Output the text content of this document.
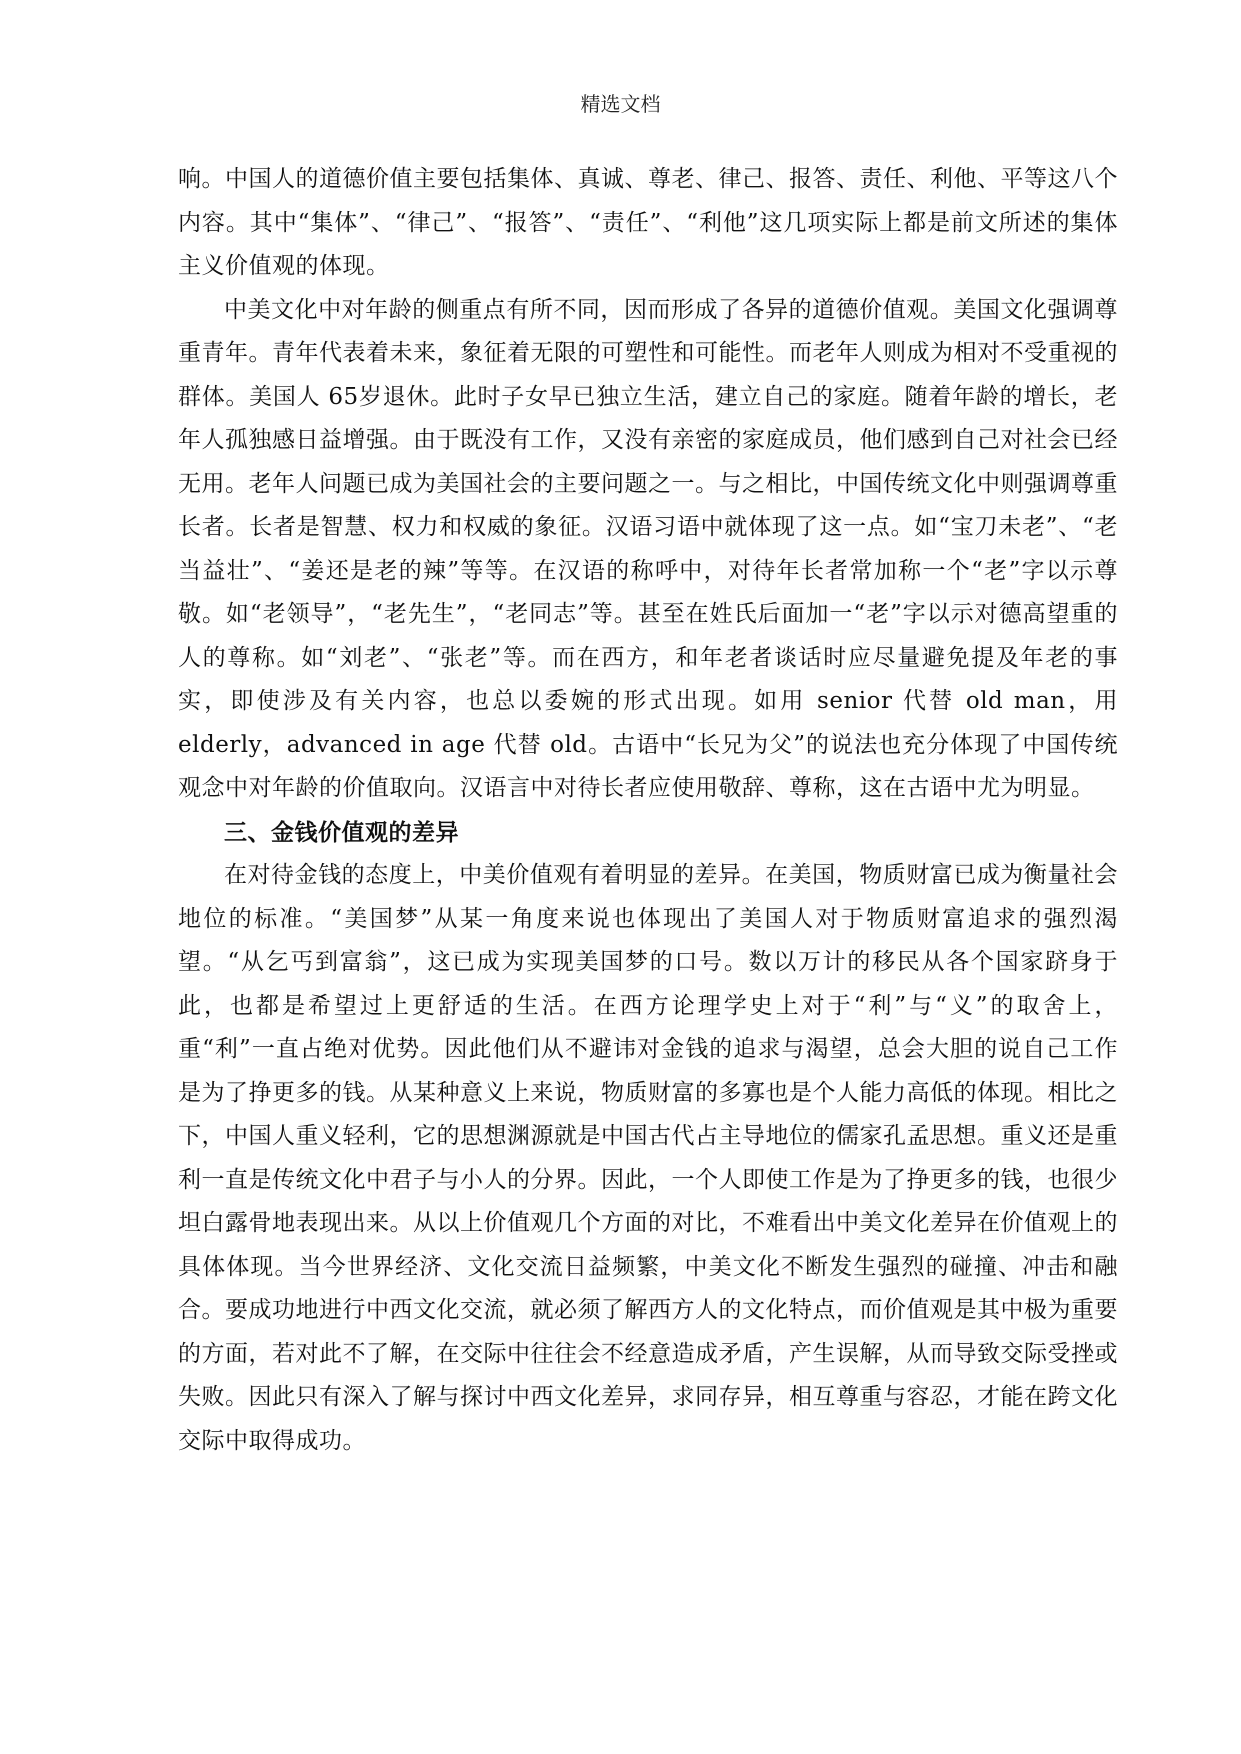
精选文档

响。中国人的道德价值主要包括集体、真诚、尊老、律己、报答、责任、利他、平等这八个内容。其中“集体”、“律己”、“报答”、“责任”、“利他”这几项实际上都是前文所述的集体主义价值观的体现。

中美文化中对年龄的侧重点有所不同，因而形成了各异的道德价值观。美国文化强调尊重青年。青年代表着未来，象征着无限的可塑性和可能性。而老年人则成为相对不受重视的群体。美国人 65岁退休。此时子女早已独立生活，建立自己的家庭。随着年龄的增长，老年人孤独感日益增强。由于既没有工作，又没有亲密的家庭成员，他们感到自己对社会已经无用。老年人问题已成为美国社会的主要问题之一。与之相比，中国传统文化中则强调尊重长者。长者是智慧、权力和权威的象征。汉语习语中就体现了这一点。如“宝刀未老”、“老当益壮”、“姜还是老的辣”等等。在汉语的称呼中，对待年长者常加称一个“老”字以示尊敬。如“老领导”，“老先生”，“老同志”等。甚至在姓氏后面加一“老”字以示对德高望重的人的尊称。如“刘老”、“张老”等。而在西方，和年老者谈话时应尽量避免提及年老的事实，即使涉及有关内容，也总以委婉的形式出现。如用 senior 代替 old man，用 elderly，advanced in age 代替 old。古语中“长兄为父”的说法也充分体现了中国传统观念中对年龄的价值取向。汉语言中对待长者应使用敬辞、尊称，这在古语中尤为明显。

三、金钱价值观的差异

在对待金钱的态度上，中美价值观有着明显的差异。在美国，物质财富已成为衡量社会地位的标准。“美国梦”从某一角度来说也体现出了美国人对于物质财富追求的强烈渴望。“从乞丐到富翁”，这已成为实现美国梦的口号。数以万计的移民从各个国家跻身于此，也都是希望过上更舒适的生活。在西方论理学史上对于“利”与“义”的取舍上，重“利”一直占绝对优势。因此他们从不避讳对金钱的追求与渴望，总会大胆的说自己工作是为了挣更多的钱。从某种意义上来说，物质财富的多寡也是个人能力高低的体现。相比之下，中国人重义轻利，它的思想渊源就是中国古代占主导地位的儒家孔孟思想。重义还是重利一直是传统文化中君子与小人的分界。因此，一个人即使工作是为了挣更多的钱，也很少坦白露骨地表现出来。从以上价值观几个方面的对比，不难看出中美文化差异在价值观上的具体体现。当今世界经济、文化交流日益频繁，中美文化不断发生强烈的碰撞、冲击和融合。要成功地进行中西文化交流，就必须了解西方人的文化特点，而价值观是其中极为重要的方面，若对此不了解，在交际中往往会不经意造成矛盾，产生误解，从而导致交际受挫或失败。因此只有深入了解与探讨中西文化差异，求同存异，相互尊重与容忍，才能在跨文化交际中取得成功。
